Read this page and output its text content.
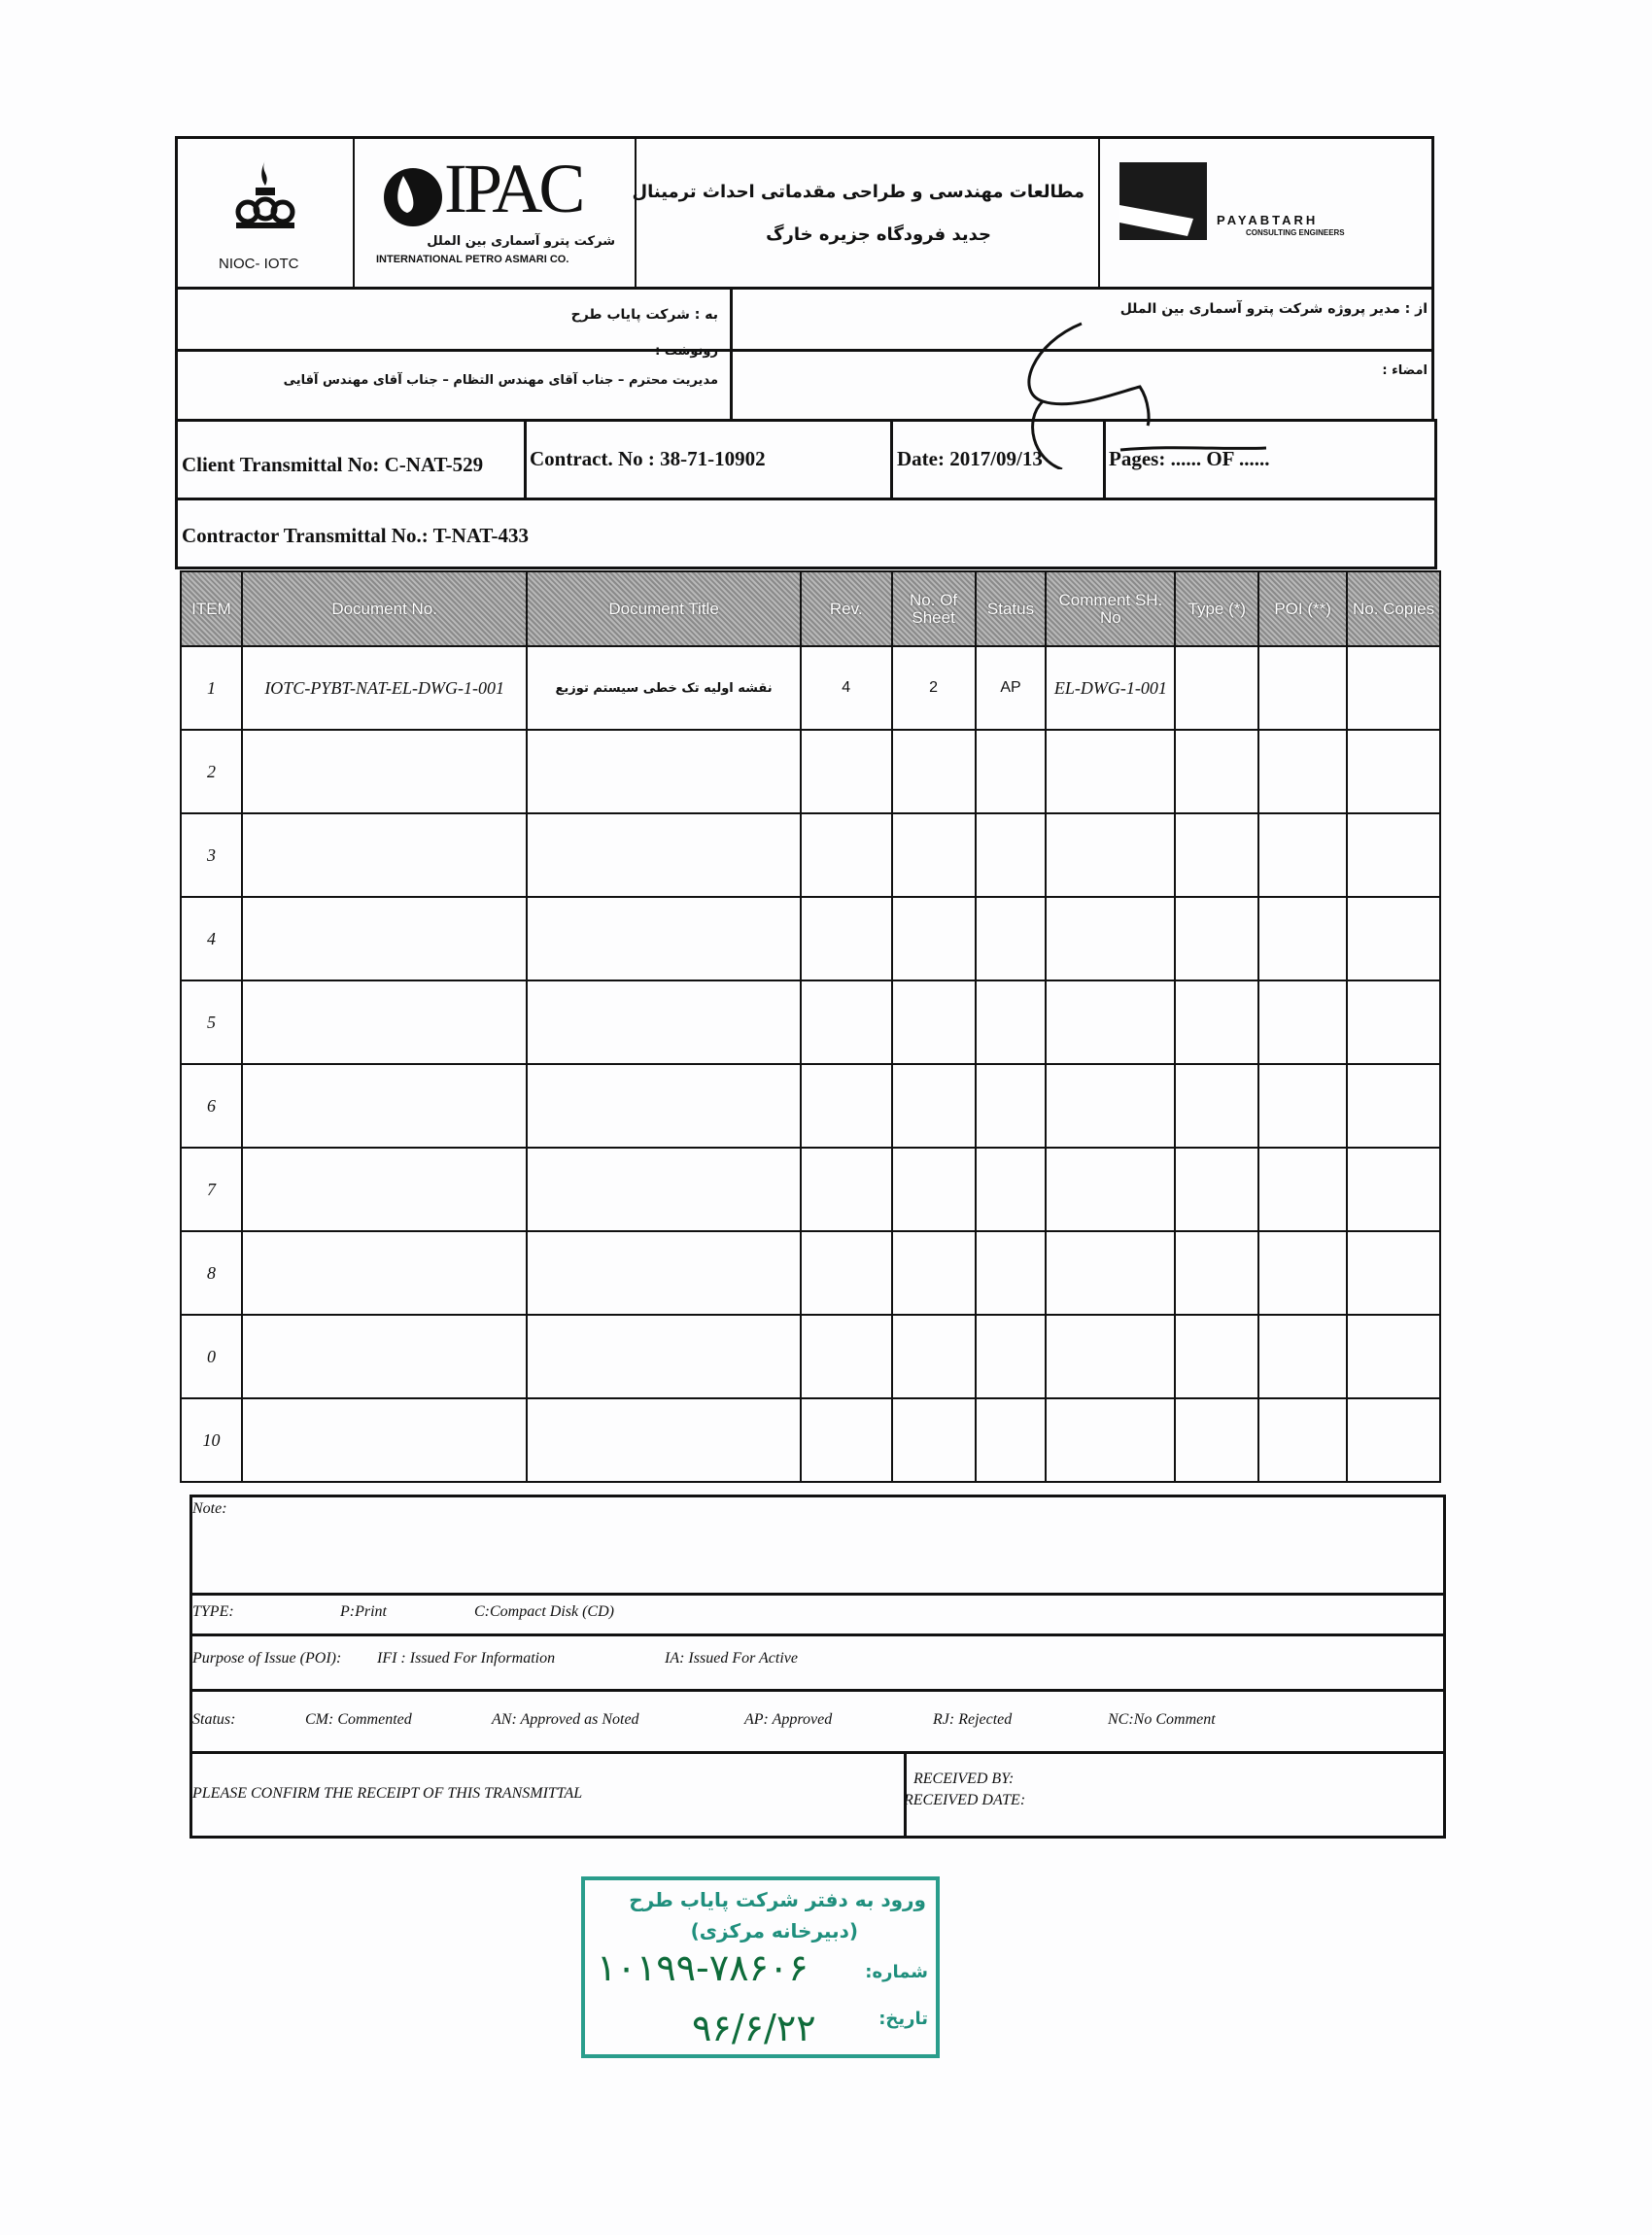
NIOC- IOTC
IPAC
شرکت پترو آسماری بین الملل
INTERNATIONAL PETRO ASMARI CO.
مطالعات مهندسی و طراحی مقدماتی احداث ترمینال
جدید فرودگاه جزیره خارگ
PAYABTARH
CONSULTING ENGINEERS
به : شرکت پایاب طرح	از : مدیر پروژه شرکت پترو آسماری بین الملل
رونوشت :
مدیریت محترم – جناب آقای مهندس التظام – جناب آقای مهندس آقایی
امضاء :
Client Transmittal No: C-NAT-529 Contract. No : 38-71-10902	Date: 2017/09/13	Pages: ...... OF ......
Contractor Transmittal No.: T-NAT-433
ITEM	Document No.	Document Title	Rev.	No. Of Sheet	Status	Comment SH. No	Type (*)	POI (**)	No. Copies
1	IOTC-PYBT-NAT-EL-DWG-1-001	نقشه اولیه تک خطی سیستم توزیع	4	2	AP	EL-DWG-1-001			
2									
3									
4									
5									
6									
7									
8									
0									
10									
Note:
TYPE:	P:Print	C:Compact Disk (CD)
Purpose of Issue (POI): IFI : Issued For Information	IA: Issued For Active
Status:	CM: Commented	AN: Approved as Noted	AP: Approved	RJ: Rejected	NC:No Comment
PLEASE CONFIRM THE RECEIPT OF THIS TRANSMITTAL
RECEIVED BY:
RECEIVED DATE:
ورود به دفتر شرکت پایاب طرح
(دبیرخانه مرکزی)
شماره:
۱۰۱۹۹-۷۸۶۰۶
تاریخ:
۹۶/۶/۲۲
